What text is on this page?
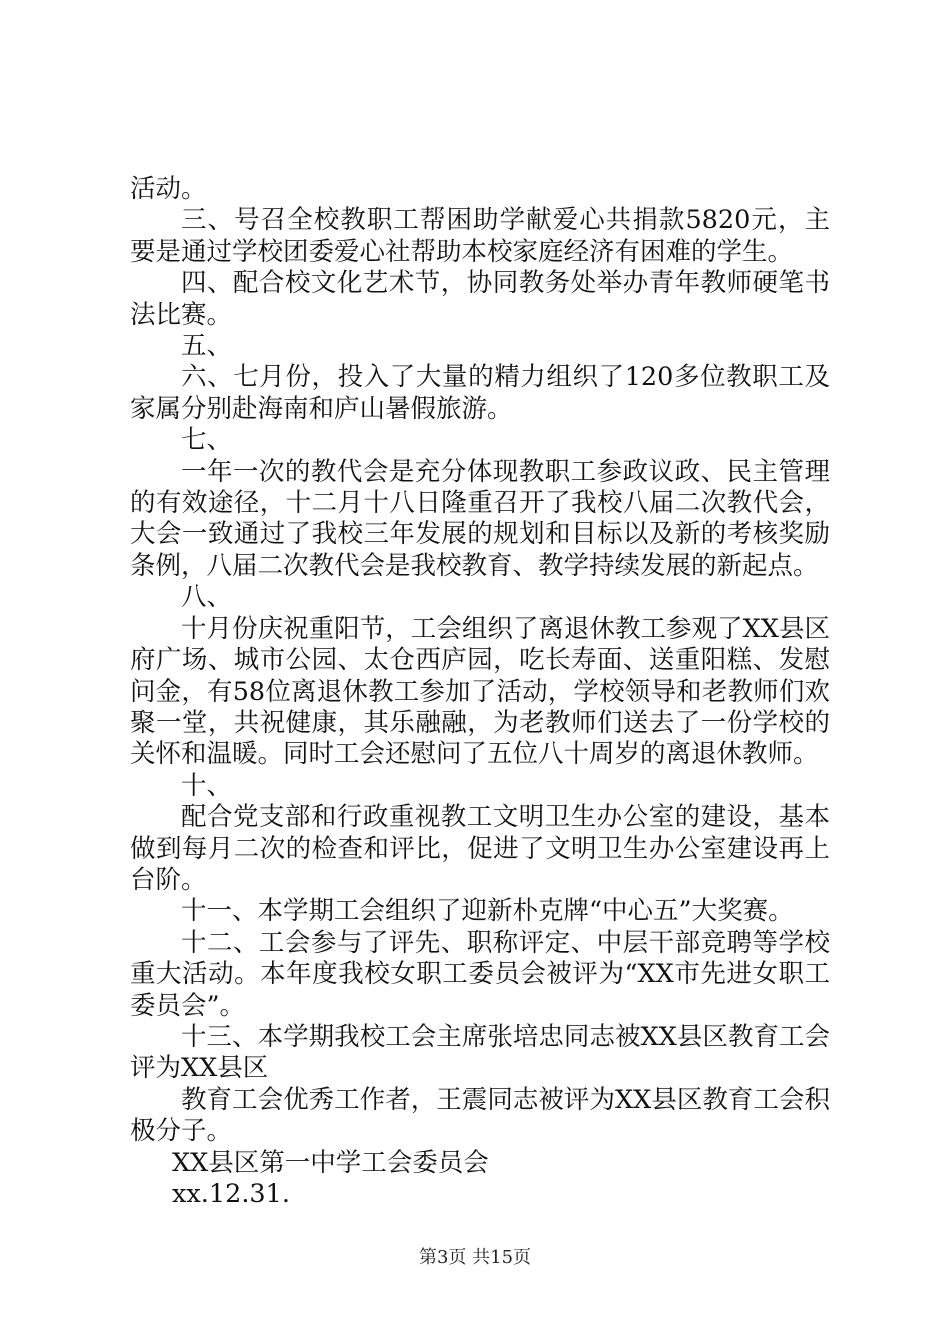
活动。

三、号召全校教职工帮困助学献爱心共捐款5820元，主要是通过学校团委爱心社帮助本校家庭经济有困难的学生。

四、配合校文化艺术节，协同教务处举办青年教师硬笔书法比赛。

五、

六、七月份，投入了大量的精力组织了120多位教职工及家属分别赴海南和庐山暑假旅游。

七、

一年一次的教代会是充分体现教职工参政议政、民主管理的有效途径，十二月十八日隆重召开了我校八届二次教代会，大会一致通过了我校三年发展的规划和目标以及新的考核奖励条例，八届二次教代会是我校教育、教学持续发展的新起点。

八、

十月份庆祝重阳节，工会组织了离退休教工参观了XX县区府广场、城市公园、太仓西庐园，吃长寿面、送重阳糕、发慰问金，有58位离退休教工参加了活动，学校领导和老教师们欢聚一堂，共祝健康，其乐融融，为老教师们送去了一份学校的关怀和温暖。同时工会还慰问了五位八十周岁的离退休教师。

十、

配合党支部和行政重视教工文明卫生办公室的建设，基本做到每月二次的检查和评比，促进了文明卫生办公室建设再上台阶。

十一、本学期工会组织了迎新朴克牌“中心五”大奖赛。

十二、工会参与了评先、职称评定、中层干部竞聘等学校重大活动。本年度我校女职工委员会被评为“XX市先进女职工委员会”。

十三、本学期我校工会主席张培忠同志被XX县区教育工会评为XX县区

教育工会优秀工作者，王震同志被评为XX县区教育工会积极分子。

XX县区第一中学工会委员会

xx.12.31.

第3页 共15页
